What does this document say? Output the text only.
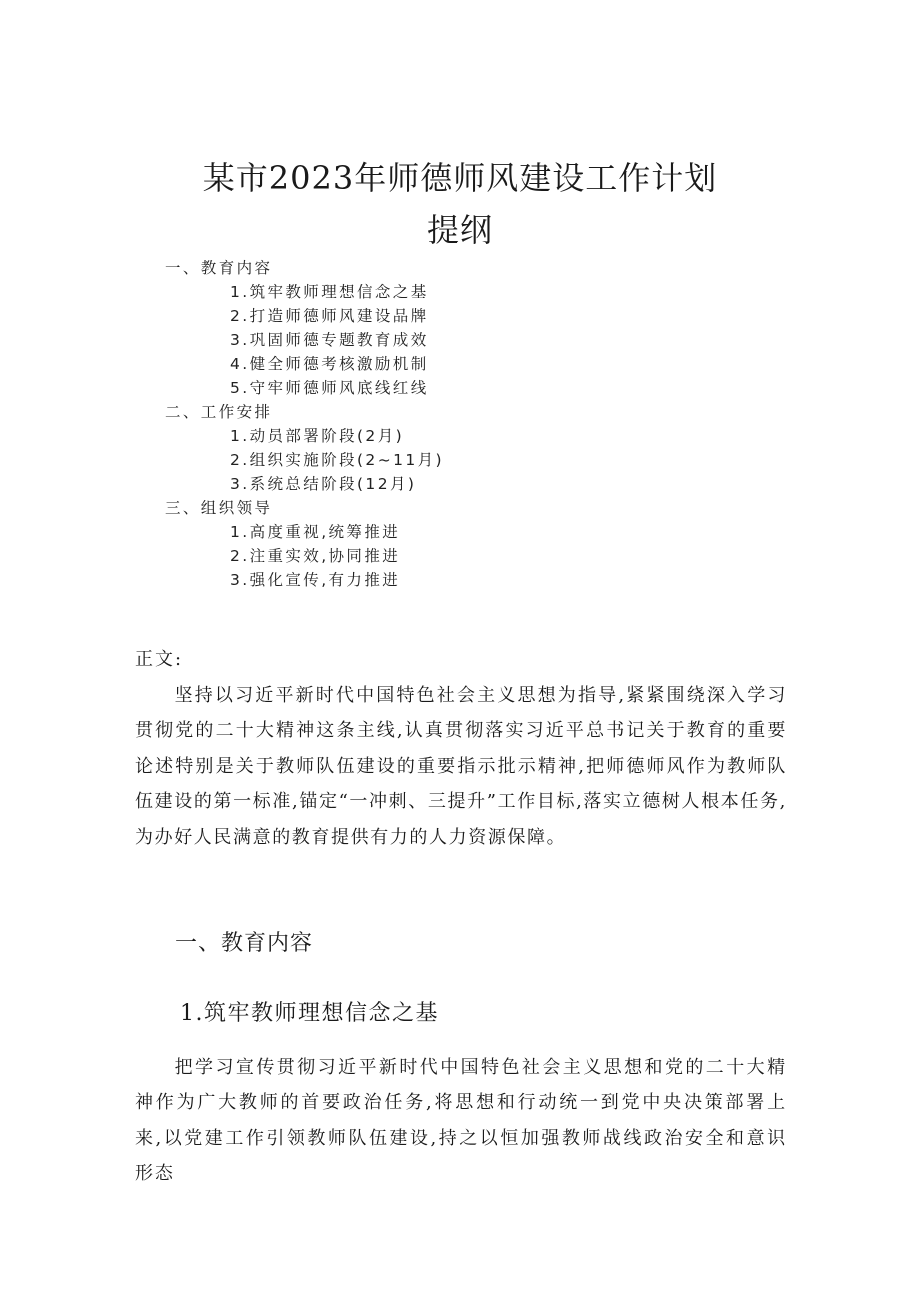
某市2023年师德师风建设工作计划
提纲
一、教育内容
1.筑牢教师理想信念之基
2.打造师德师风建设品牌
3.巩固师德专题教育成效
4.健全师德考核激励机制
5.守牢师德师风底线红线
二、工作安排
1.动员部署阶段(2月)
2.组织实施阶段(2~11月)
3.系统总结阶段(12月)
三、组织领导
1.高度重视,统筹推进
2.注重实效,协同推进
3.强化宣传,有力推进
正文:
坚持以习近平新时代中国特色社会主义思想为指导,紧紧围绕深入学习贯彻党的二十大精神这条主线,认真贯彻落实习近平总书记关于教育的重要论述特别是关于教师队伍建设的重要指示批示精神,把师德师风作为教师队伍建设的第一标准,锚定“一冲刺、三提升”工作目标,落实立德树人根本任务,为办好人民满意的教育提供有力的人力资源保障。
一、教育内容
1.筑牢教师理想信念之基
把学习宣传贯彻习近平新时代中国特色社会主义思想和党的二十大精神作为广大教师的首要政治任务,将思想和行动统一到党中央决策部署上来,以党建工作引领教师队伍建设,持之以恒加强教师战线政治安全和意识形态
